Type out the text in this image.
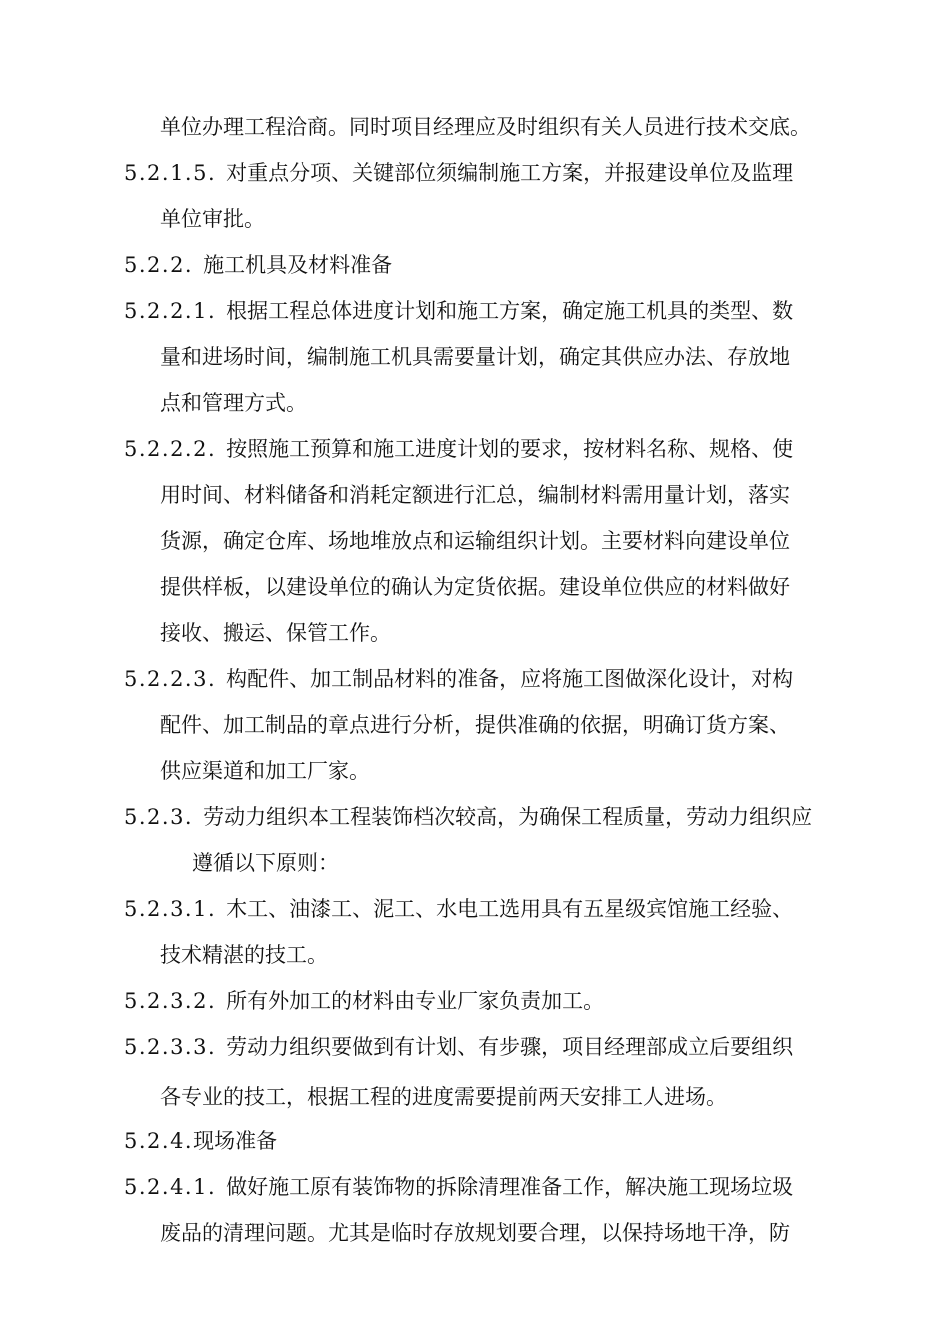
单位办理工程洽商。同时项目经理应及时组织有关人员进行技术交底。
5.2.1.5. 对重点分项、关键部位须编制施工方案，并报建设单位及监理
单位审批。
5.2.2. 施工机具及材料准备
5.2.2.1. 根据工程总体进度计划和施工方案，确定施工机具的类型、数
量和进场时间，编制施工机具需要量计划，确定其供应办法、存放地
点和管理方式。
5.2.2.2. 按照施工预算和施工进度计划的要求，按材料名称、规格、使
用时间、材料储备和消耗定额进行汇总，编制材料需用量计划，落实
货源，确定仓库、场地堆放点和运输组织计划。主要材料向建设单位
提供样板，以建设单位的确认为定货依据。建设单位供应的材料做好
接收、搬运、保管工作。
5.2.2.3. 构配件、加工制品材料的准备，应将施工图做深化设计，对构
配件、加工制品的章点进行分析，提供准确的依据，明确订货方案、
供应渠道和加工厂家。
5.2.3. 劳动力组织本工程装饰档次较高，为确保工程质量，劳动力组织应
遵循以下原则：
5.2.3.1. 木工、油漆工、泥工、水电工选用具有五星级宾馆施工经验、
技术精湛的技工。
5.2.3.2. 所有外加工的材料由专业厂家负责加工。
5.2.3.3. 劳动力组织要做到有计划、有步骤，项目经理部成立后要组织
各专业的技工，根据工程的进度需要提前两天安排工人进场。
5.2.4.现场准备
5.2.4.1. 做好施工原有装饰物的拆除清理准备工作，解决施工现场垃圾
废品的清理问题。尤其是临时存放规划要合理，以保持场地干净，防
